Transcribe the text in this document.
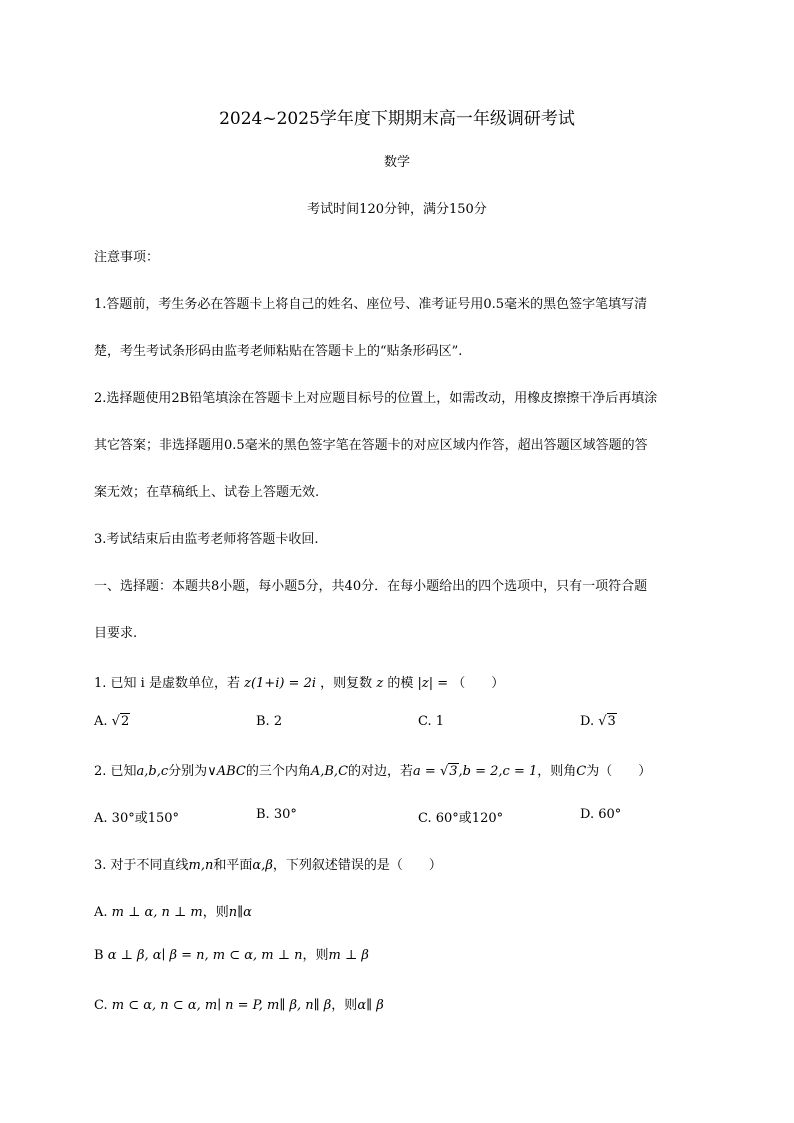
2024~2025学年度下期期末高一年级调研考试
数学
考试时间120分钟，满分150分
注意事项：
1.答题前，考生务必在答题卡上将自己的姓名、座位号、准考证号用0.5毫米的黑色签字笔填写清
楚，考生考试条形码由监考老师粘贴在答题卡上的“贴条形码区”.
2.选择题使用2B铅笔填涂在答题卡上对应题目标号的位置上，如需改动，用橡皮擦擦干净后再填涂
其它答案；非选择题用0.5毫米的黑色签字笔在答题卡的对应区域内作答，超出答题区域答题的答
案无效；在草稿纸上、试卷上答题无效.
3.考试结束后由监考老师将答题卡收回.
一、选择题：本题共8小题，每小题5分，共40分．在每小题给出的四个选项中，只有一项符合题
目要求.
1. 已知 i 是虚数单位，若 z(1+i) = 2i ，则复数 z 的模 |z| = （　　）
A. √2	B. 2	C. 1	D. √3
2. 已知a,b,c分别为∨ABC的三个内角A,B,C的对边，若a = √3,b = 2,c = 1，则角C为（　　）
A. 30°或150°	B. 30°	C. 60°或120°	D. 60°
3. 对于不同直线m,n和平面α,β，下列叙述错误的是（　　）
A. m ⊥ α, n ⊥ m，则n∥α
B α ⊥ β, α∣ β = n, m ⊂ α, m ⊥ n，则m ⊥ β
C. m ⊂ α, n ⊂ α, m∣ n = P, m∥ β, n∥ β，则α∥ β
